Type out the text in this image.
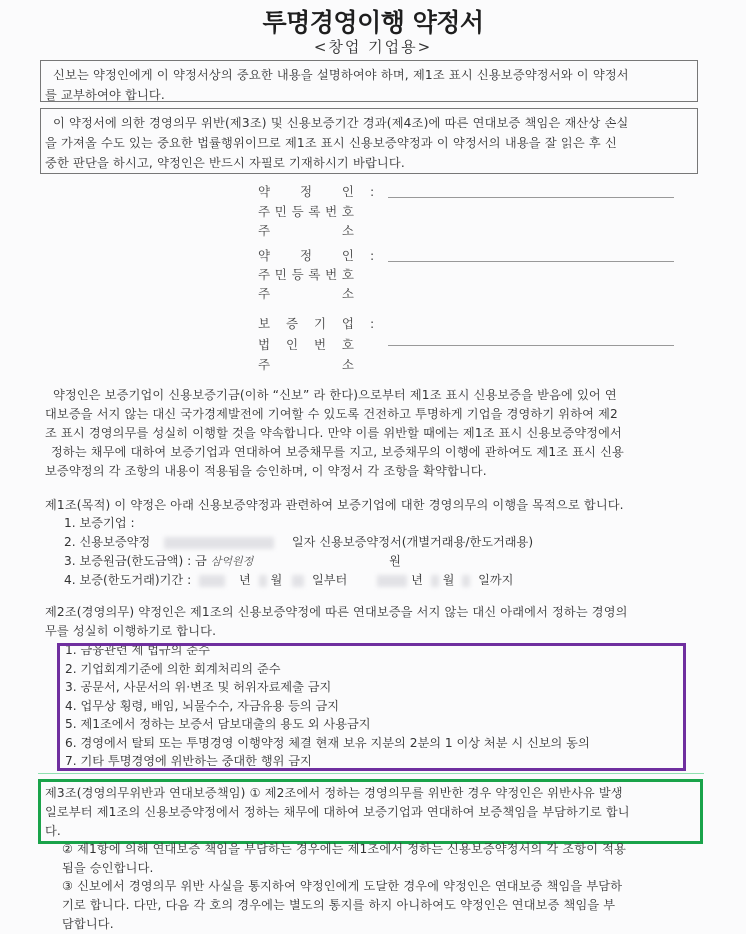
투명경영이행 약정서
<창업 기업용>

신보는 약정인에게 이 약정서상의 중요한 내용을 설명하여야 하며, 제1조 표시 신용보증약정서와 이 약정서

를 교부하여야 합니다.

이 약정서에 의한 경영의무 위반(제3조) 및 신용보증기간 경과(제4조)에 따른 연대보증 책임은 재산상 손실

을 가져올 수도 있는 중요한 법률행위이므로 제1조 표시 신용보증약정과 이 약정서의 내용을 잘 읽은 후 신
중한 판단을 하시고, 약정인은 반드시 자필로 기재하시기 바랍니다.
약 정 인 :
주 민 등 록 번 호
주	소
약 정 인 :
주 민 등 록 번 호
주	소
보 증 기 업 :
법 인 번 호
주	소
약정인은 보증기업이 신용보증기금(이하 “신보” 라 한다)으로부터 제1조 표시 신용보증을 받음에 있어 연
대보증을 서지 않는 대신 국가경제발전에 기여할 수 있도록 건전하고 투명하게 기업을 경영하기 위하여 제2
조 표시 경영의무를 성실히 이행할 것을 약속합니다. 만약 이를 위반할 때에는 제1조 표시 신용보증약정에서
정하는 채무에 대하여 보증기업과 연대하여 보증채무를 지고, 보증채무의 이행에 관하여도 제1조 표시 신용
보증약정의 각 조항의 내용이 적용됨을 승인하며, 이 약정서 각 조항을 확약합니다.
제1조(목적) 이 약정은 아래 신용보증약정과 관련하여 보증기업에 대한 경영의무의 이행을 목적으로 합니다.
1. 보증기업 :
2. 신용보증약정	일자 신용보증약정서(개별거래용/한도거래용)
3. 보증원금(한도금액) : 금 삼억원정	원
4. 보증(한도거래)기간 :	년 월 일부터	년 월 일까지
제2조(경영의무) 약정인은 제1조의 신용보증약정에 따른 연대보증을 서지 않는 대신 아래에서 정하는 경영의
무를 성실히 이행하기로 합니다.
1. 금융관련 제 법규의 준수
2. 기업회계기준에 의한 회계처리의 준수
3. 공문서, 사문서의 위·변조 및 허위자료제출 금지
4. 업무상 횡령, 배임, 뇌물수수, 자금유용 등의 금지
5. 제1조에서 정하는 보증서 담보대출의 용도 외 사용금지
6. 경영에서 탈퇴 또는 투명경영 이행약정 체결 현재 보유 지분의 2분의 1 이상 처분 시 신보의 동의
7. 기타 투명경영에 위반하는 중대한 행위 금지
제3조(경영의무위반과 연대보증책임) ① 제2조에서 정하는 경영의무를 위반한 경우 약정인은 위반사유 발생
일로부터 제1조의 신용보증약정에서 정하는 채무에 대하여 보증기업과 연대하여 보증책임을 부담하기로 합니
다.
② 제1항에 의해 연대보증 책임을 부담하는 경우에는 제1조에서 정하는 신용보증약정서의 각 조항이 적용
됨을 승인합니다.
③ 신보에서 경영의무 위반 사실을 통지하여 약정인에게 도달한 경우에 약정인은 연대보증 책임을 부담하
기로 합니다. 다만, 다음 각 호의 경우에는 별도의 통지를 하지 아니하여도 약정인은 연대보증 책임을 부
담합니다.
